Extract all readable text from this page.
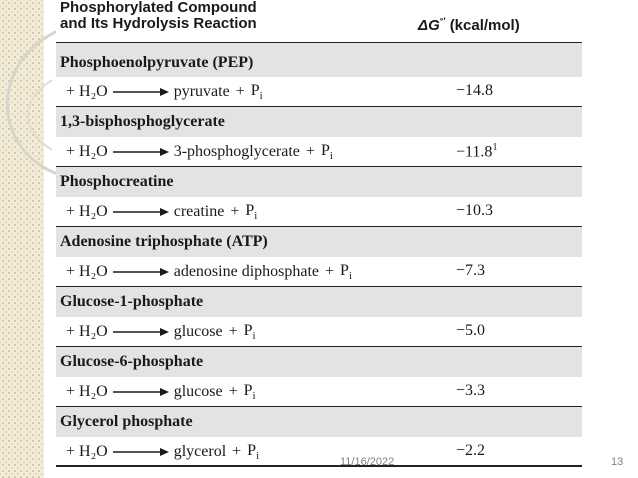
Phosphorylated Compound
and Its Hydrolysis Reaction	ΔG°′ (kcal/mol)
Phosphoenolpyruvate (PEP)
+ H₂O	pyruvate + $P_i$	−14.8
1,3-bisphosphoglycerate
+ H₂O	3-phosphoglycerate + $P_i$	$-11.8^1$
Phosphocreatine
+ H₂O	creatine + $P_i$	−10.3
Adenosine triphosphate (ATP)
+ H₂O	adenosine diphosphate + $P_i$	−7.3
Glucose-1-phosphate
+ H₂O	$glucose + P_i$	−5.0
Glucose-6-phosphate
+ H₂O	$glucose + P_i$	−3.3
Glycerol phosphate
+ H₂O	glycerol + $P_i$	−2.2
11/16/2022	13
